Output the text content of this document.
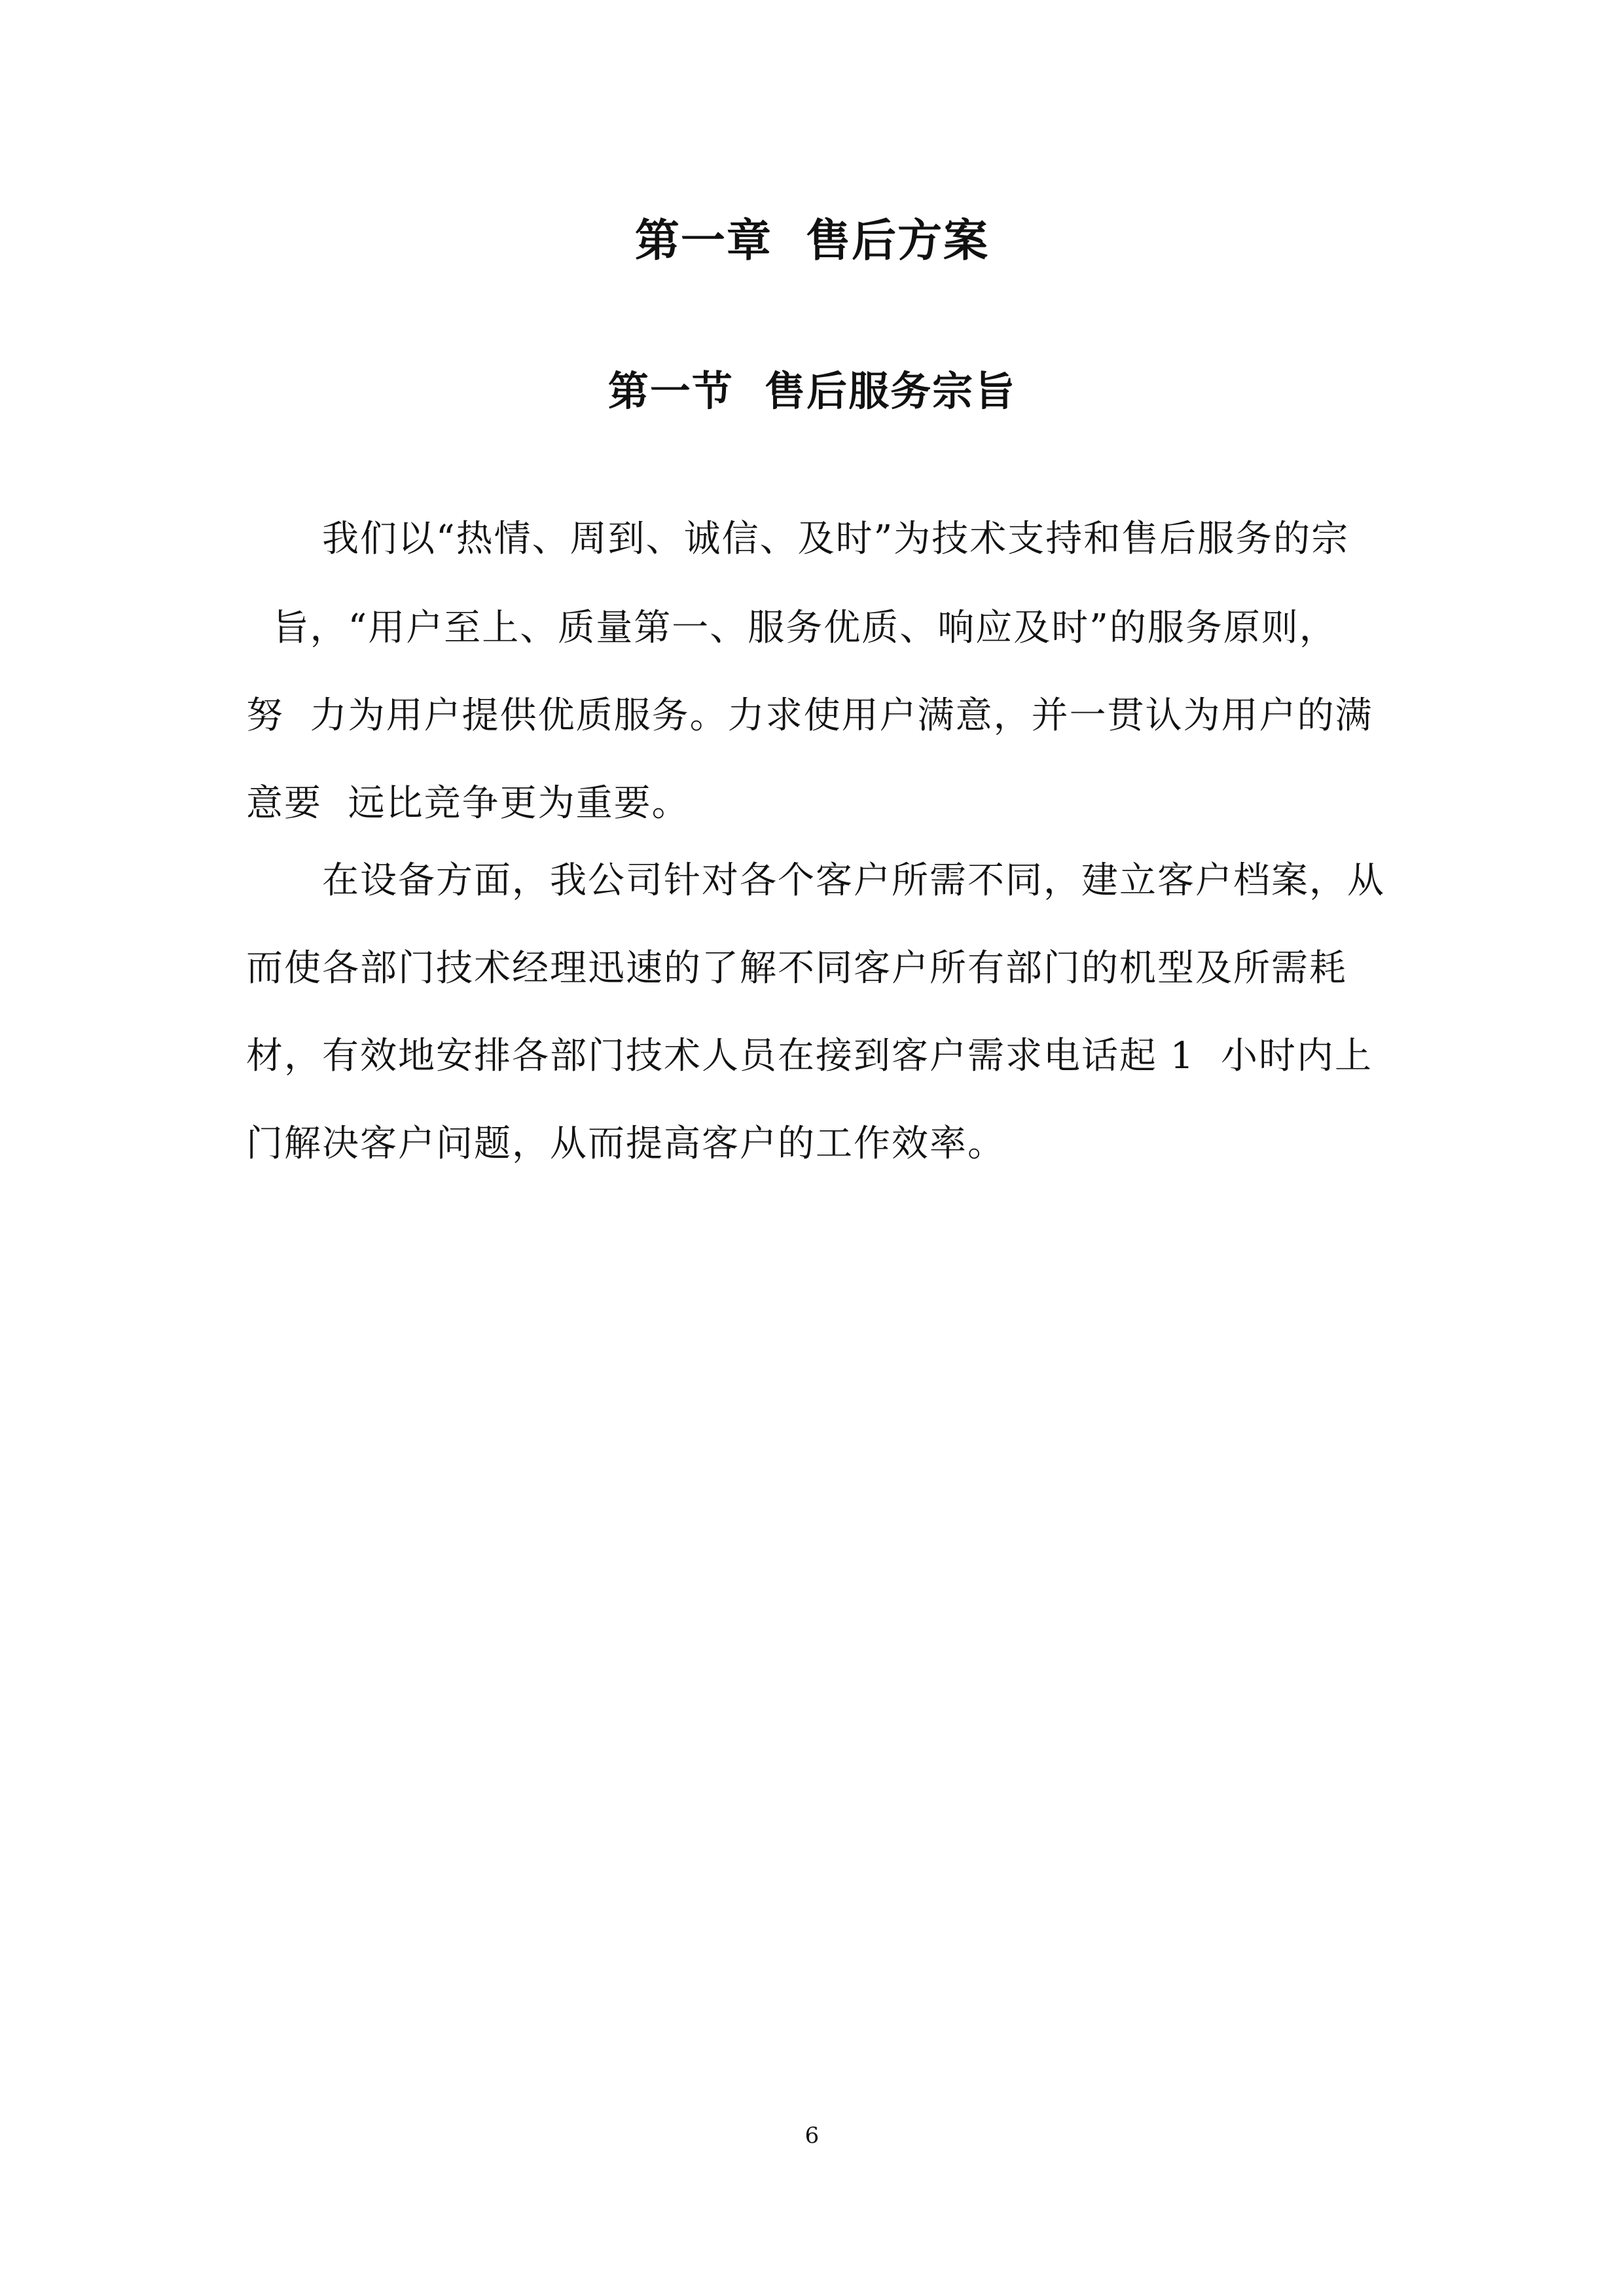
第一章  售后方案
第一节  售后服务宗旨
我们以“热情、周到、诚信、及时”为技术支持和售后服务的宗
旨，“用户至上、质量第一、服务优质、响应及时”的服务原则，
努  力为用户提供优质服务。力求使用户满意，并一贯认为用户的满
意要  远比竞争更为重要。
在设备方面，我公司针对各个客户所需不同，建立客户档案，从
而使各部门技术经理迅速的了解不同客户所有部门的机型及所需耗
材，有效地安排各部门技术人员在接到客户需求电话起 1  小时内上
门解决客户问题，从而提高客户的工作效率。
6
